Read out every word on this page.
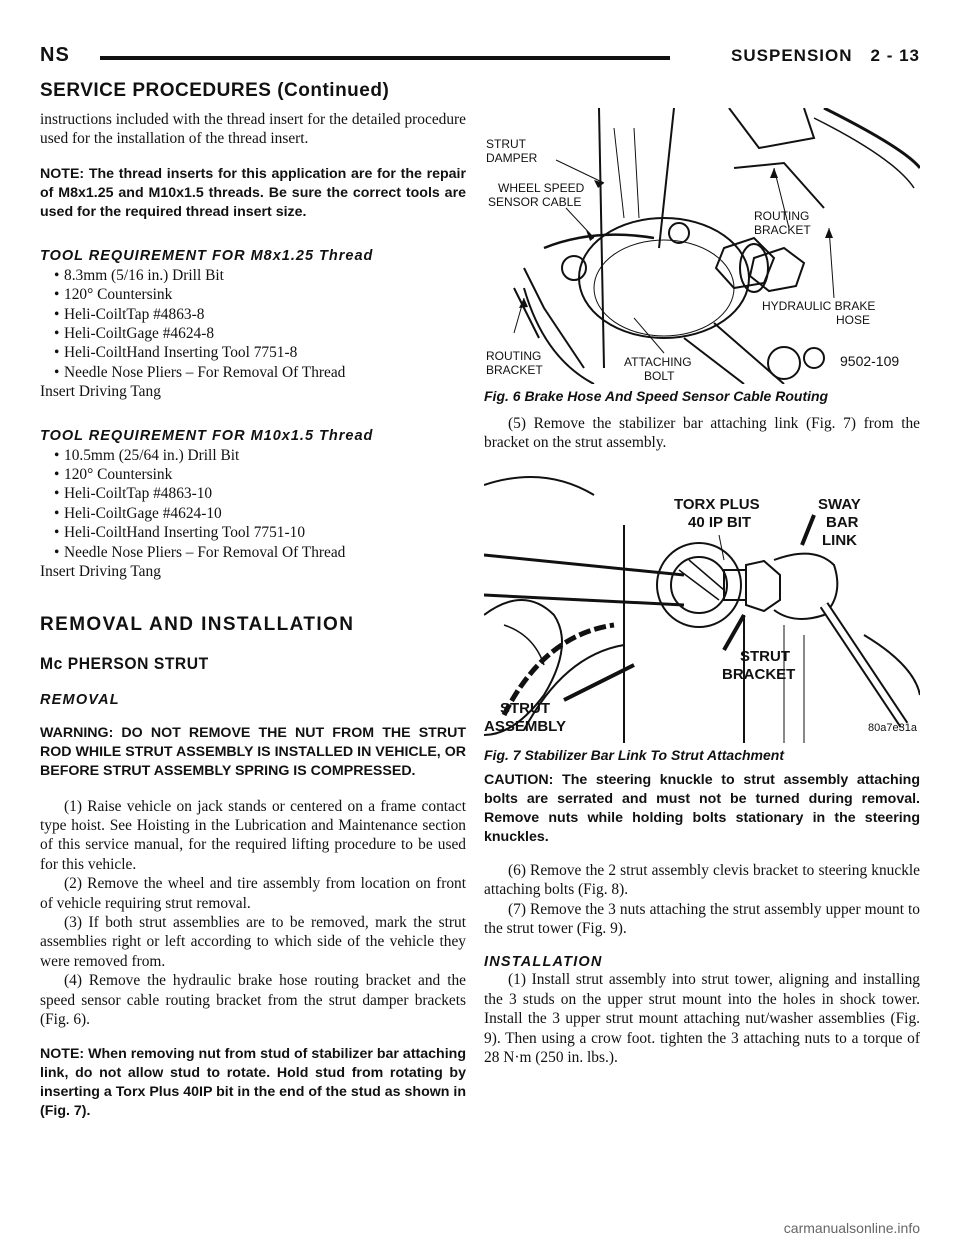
NS	SUSPENSION 2 - 13
SERVICE PROCEDURES (Continued)

instructions included with the thread insert for the detailed procedure used for the installation of the thread insert.

NOTE: The thread inserts for this application are for the repair of M8x1.25 and M10x1.5 threads. Be sure the correct tools are used for the required thread insert size.

TOOL REQUIREMENT FOR M8x1.25 Thread
• 8.3mm (5/16 in.) Drill Bit
• 120° Countersink
• Heli-CoiltTap #4863-8
• Heli-CoiltGage #4624-8
• Heli-CoiltHand Inserting Tool 7751-8
• Needle Nose Pliers – For Removal Of Thread
Insert Driving Tang
TOOL REQUIREMENT FOR M10x1.5 Thread
• 10.5mm (25/64 in.) Drill Bit
• 120° Countersink
• Heli-CoiltTap #4863-10
• Heli-CoiltGage #4624-10
• Heli-CoiltHand Inserting Tool 7751-10
• Needle Nose Pliers – For Removal Of Thread
Insert Driving Tang
REMOVAL AND INSTALLATION
Mc PHERSON STRUT
REMOVAL

WARNING: DO NOT REMOVE THE NUT FROM THE STRUT ROD WHILE STRUT ASSEMBLY IS INSTALLED IN VEHICLE, OR BEFORE STRUT ASSEMBLY SPRING IS COMPRESSED.

(1) Raise vehicle on jack stands or centered on a frame contact type hoist. See Hoisting in the Lubrication and Maintenance section of this service manual, for the required lifting procedure to be used for this vehicle.

(2) Remove the wheel and tire assembly from location on front of vehicle requiring strut removal.

(3) If both strut assemblies are to be removed, mark the strut assemblies right or left according to which side of the vehicle they were removed from.

(4) Remove the hydraulic brake hose routing bracket and the speed sensor cable routing bracket from the strut damper brackets (Fig. 6).

NOTE: When removing nut from stud of stabilizer bar attaching link, do not allow stud to rotate. Hold stud from rotating by inserting a Torx Plus 40IP bit in the end of the stud as shown in (Fig. 7).

STRUT
DAMPER
WHEEL SPEED
SENSOR CABLE
ROUTING
BRACKET
HYDRAULIC BRAKE
HOSE
ROUTING
BRACKET
ATTACHING
BOLT
9502-109
Fig. 6 Brake Hose And Speed Sensor Cable Routing

(5) Remove the stabilizer bar attaching link (Fig. 7) from the bracket on the strut assembly.

TORX PLUS
40 IP BIT
SWAY
BAR
LINK
STRUT
BRACKET
STRUT
ASSEMBLY	80a7e31a
Fig. 7 Stabilizer Bar Link To Strut Attachment

CAUTION: The steering knuckle to strut assembly attaching bolts are serrated and must not be turned during removal. Remove nuts while holding bolts stationary in the steering knuckles.

(6) Remove the 2 strut assembly clevis bracket to steering knuckle attaching bolts (Fig. 8).

(7) Remove the 3 nuts attaching the strut assembly upper mount to the strut tower (Fig. 9).

INSTALLATION

(1) Install strut assembly into strut tower, aligning and installing the 3 studs on the upper strut mount into the holes in shock tower. Install the 3 upper strut mount attaching nut/washer assemblies (Fig. 9). Then using a crow foot. tighten the 3 attaching nuts to a torque of 28 N·m (250 in. lbs.).

carmanualsonline.info
